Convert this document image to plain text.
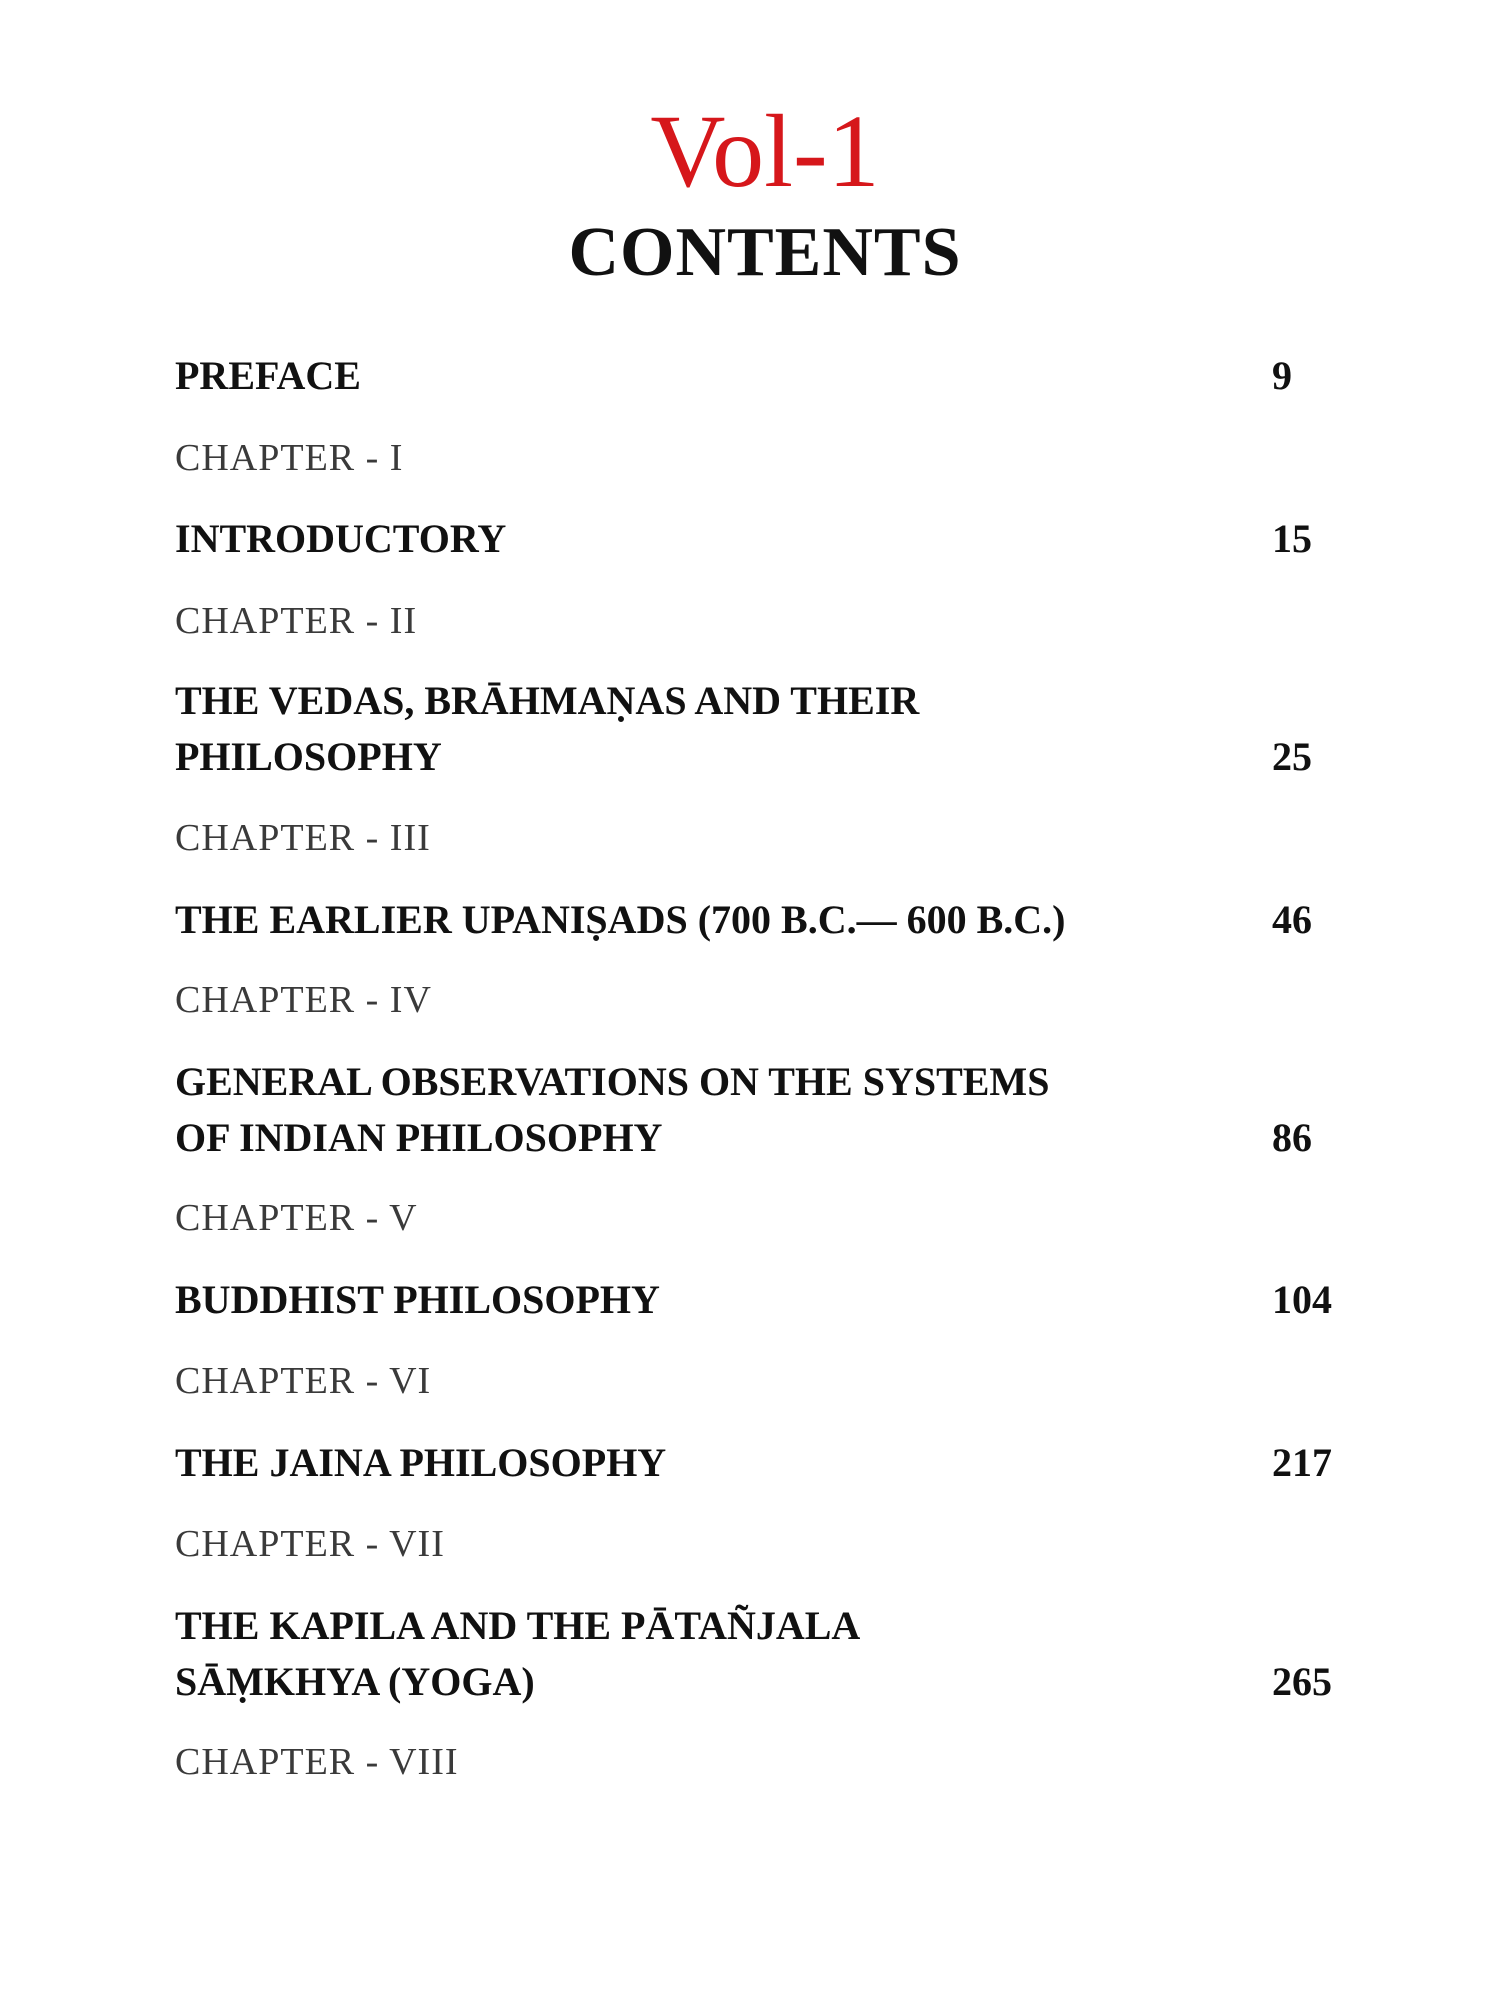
Vol-1
CONTENTS
PREFACE	9
CHAPTER - I
INTRODUCTORY	15
CHAPTER - II
THE VEDAS, BRĀHMAṆAS AND THEIR
PHILOSOPHY	25
CHAPTER - III
THE EARLIER UPANIṢADS (700 B.C.— 600 B.C.)	46
CHAPTER - IV
GENERAL OBSERVATIONS ON THE SYSTEMS
OF INDIAN PHILOSOPHY	86
CHAPTER - V
BUDDHIST PHILOSOPHY	104
CHAPTER - VI
THE JAINA PHILOSOPHY	217
CHAPTER - VII
THE KAPILA AND THE PĀTAÑJALA
SĀṂKHYA (YOGA)	265
CHAPTER - VIII
